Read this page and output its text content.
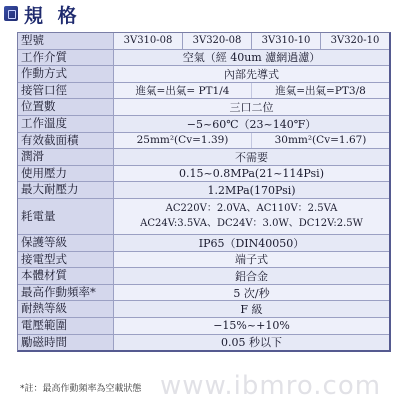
規 格
型號	3V310-08	3V320-08	3V310-10	3V320-10
工作介質	空氣（經 40um 濾網過濾）
作動方式	內部先導式
接管口徑	進氣=出氣= PT1/4	進氣=出氣=PT3/8
位置數	三口二位
工作溫度	−5~60℃（23~140℉）
有效截面積	25mm²(Cv=1.39)	30mm²(Cv=1.67)
潤滑	不需要
使用壓力	0.15~0.8MPa(21~114Psi)
最大耐壓力	1.2MPa(170Psi)
耗電量	AC220V：2.0VA、AC110V：2.5VA
AC24V:3.5VA、DC24V：3.0W、DC12V:2.5W
保護等級	IP65（DIN40050）
接電型式	端子式
本體材質	鋁合金
最高作動頻率*	5 次/秒
耐熱等級	F 級
電壓範圍	−15%~+10%
勵磁時間	0.05 秒以下
www.ibmro.com
*註：最高作動頻率為空載狀態
